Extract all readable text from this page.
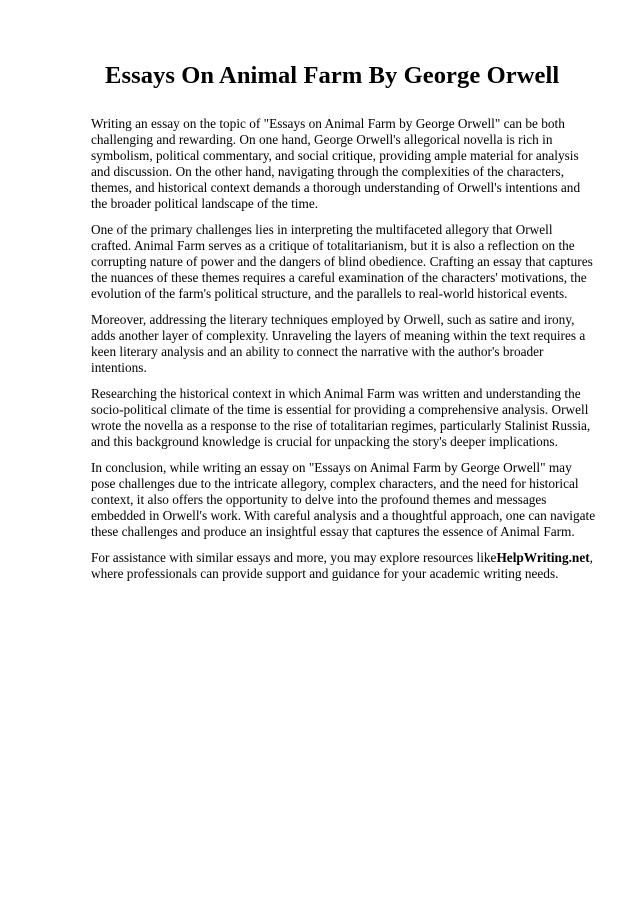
Essays On Animal Farm By George Orwell

Writing an essay on the topic of "Essays on Animal Farm by George Orwell" can be both challenging and rewarding. On one hand, George Orwell's allegorical novella is rich in symbolism, political commentary, and social critique, providing ample material for analysis and discussion. On the other hand, navigating through the complexities of the characters, themes, and historical context demands a thorough understanding of Orwell's intentions and the broader political landscape of the time.

One of the primary challenges lies in interpreting the multifaceted allegory that Orwell crafted. Animal Farm serves as a critique of totalitarianism, but it is also a reflection on the corrupting nature of power and the dangers of blind obedience. Crafting an essay that captures the nuances of these themes requires a careful examination of the characters' motivations, the evolution of the farm's political structure, and the parallels to real-world historical events.

Moreover, addressing the literary techniques employed by Orwell, such as satire and irony, adds another layer of complexity. Unraveling the layers of meaning within the text requires a keen literary analysis and an ability to connect the narrative with the author's broader intentions.

Researching the historical context in which Animal Farm was written and understanding the socio-political climate of the time is essential for providing a comprehensive analysis. Orwell wrote the novella as a response to the rise of totalitarian regimes, particularly Stalinist Russia, and this background knowledge is crucial for unpacking the story's deeper implications.

In conclusion, while writing an essay on "Essays on Animal Farm by George Orwell" may pose challenges due to the intricate allegory, complex characters, and the need for historical context, it also offers the opportunity to delve into the profound themes and messages embedded in Orwell's work. With careful analysis and a thoughtful approach, one can navigate these challenges and produce an insightful essay that captures the essence of Animal Farm.

For assistance with similar essays and more, you may explore resources likeHelpWriting.net, where professionals can provide support and guidance for your academic writing needs.
